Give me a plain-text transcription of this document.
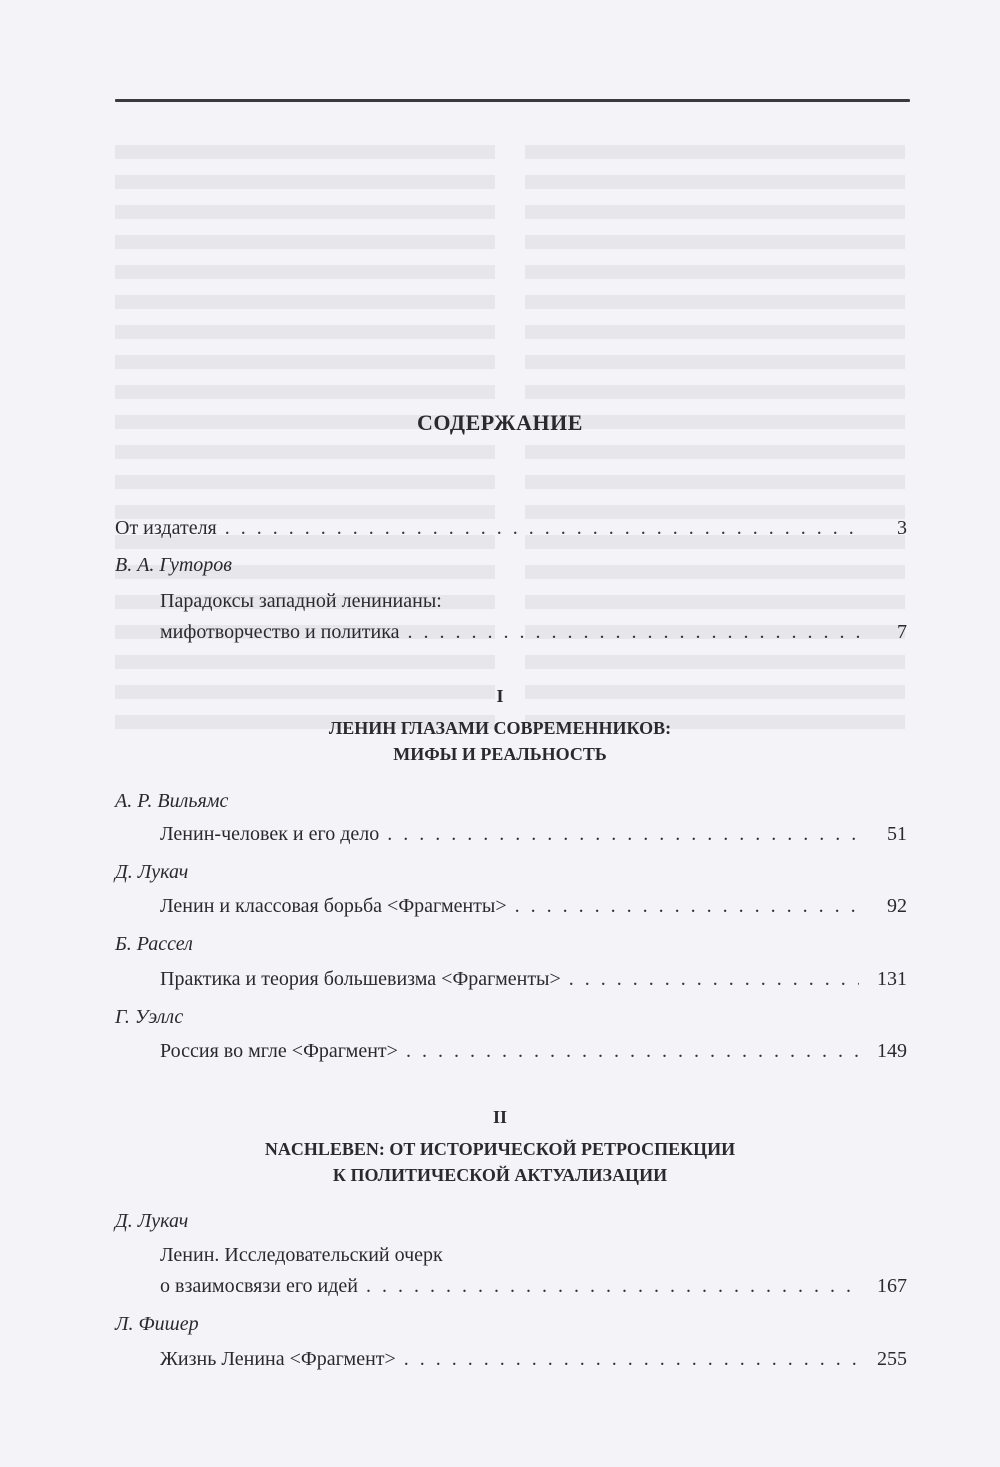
СОДЕРЖАНИЕ
От издателя . . .	3
В. А. Гуторов
Парадоксы западной ленинианы:
мифотворчество и политика . . .	7
I
ЛЕНИН ГЛАЗАМИ СОВРЕМЕННИКОВ:
МИФЫ И РЕАЛЬНОСТЬ
А. Р. Вильямс
Ленин-человек и его дело . . .	51
Д. Лукач
Ленин и классовая борьба <Фрагменты> . . .	92
Б. Рассел
Практика и теория большевизма <Фрагменты> . . .	131
Г. Уэллс
Россия во мгле <Фрагмент> . . .	149
II
NACHLEBEN: ОТ ИСТОРИЧЕСКОЙ РЕТРОСПЕКЦИИ
К ПОЛИТИЧЕСКОЙ АКТУАЛИЗАЦИИ
Д. Лукач
Ленин. Исследовательский очерк
о взаимосвязи его идей . . .	167
Л. Фишер
Жизнь Ленина <Фрагмент> . . .	255
